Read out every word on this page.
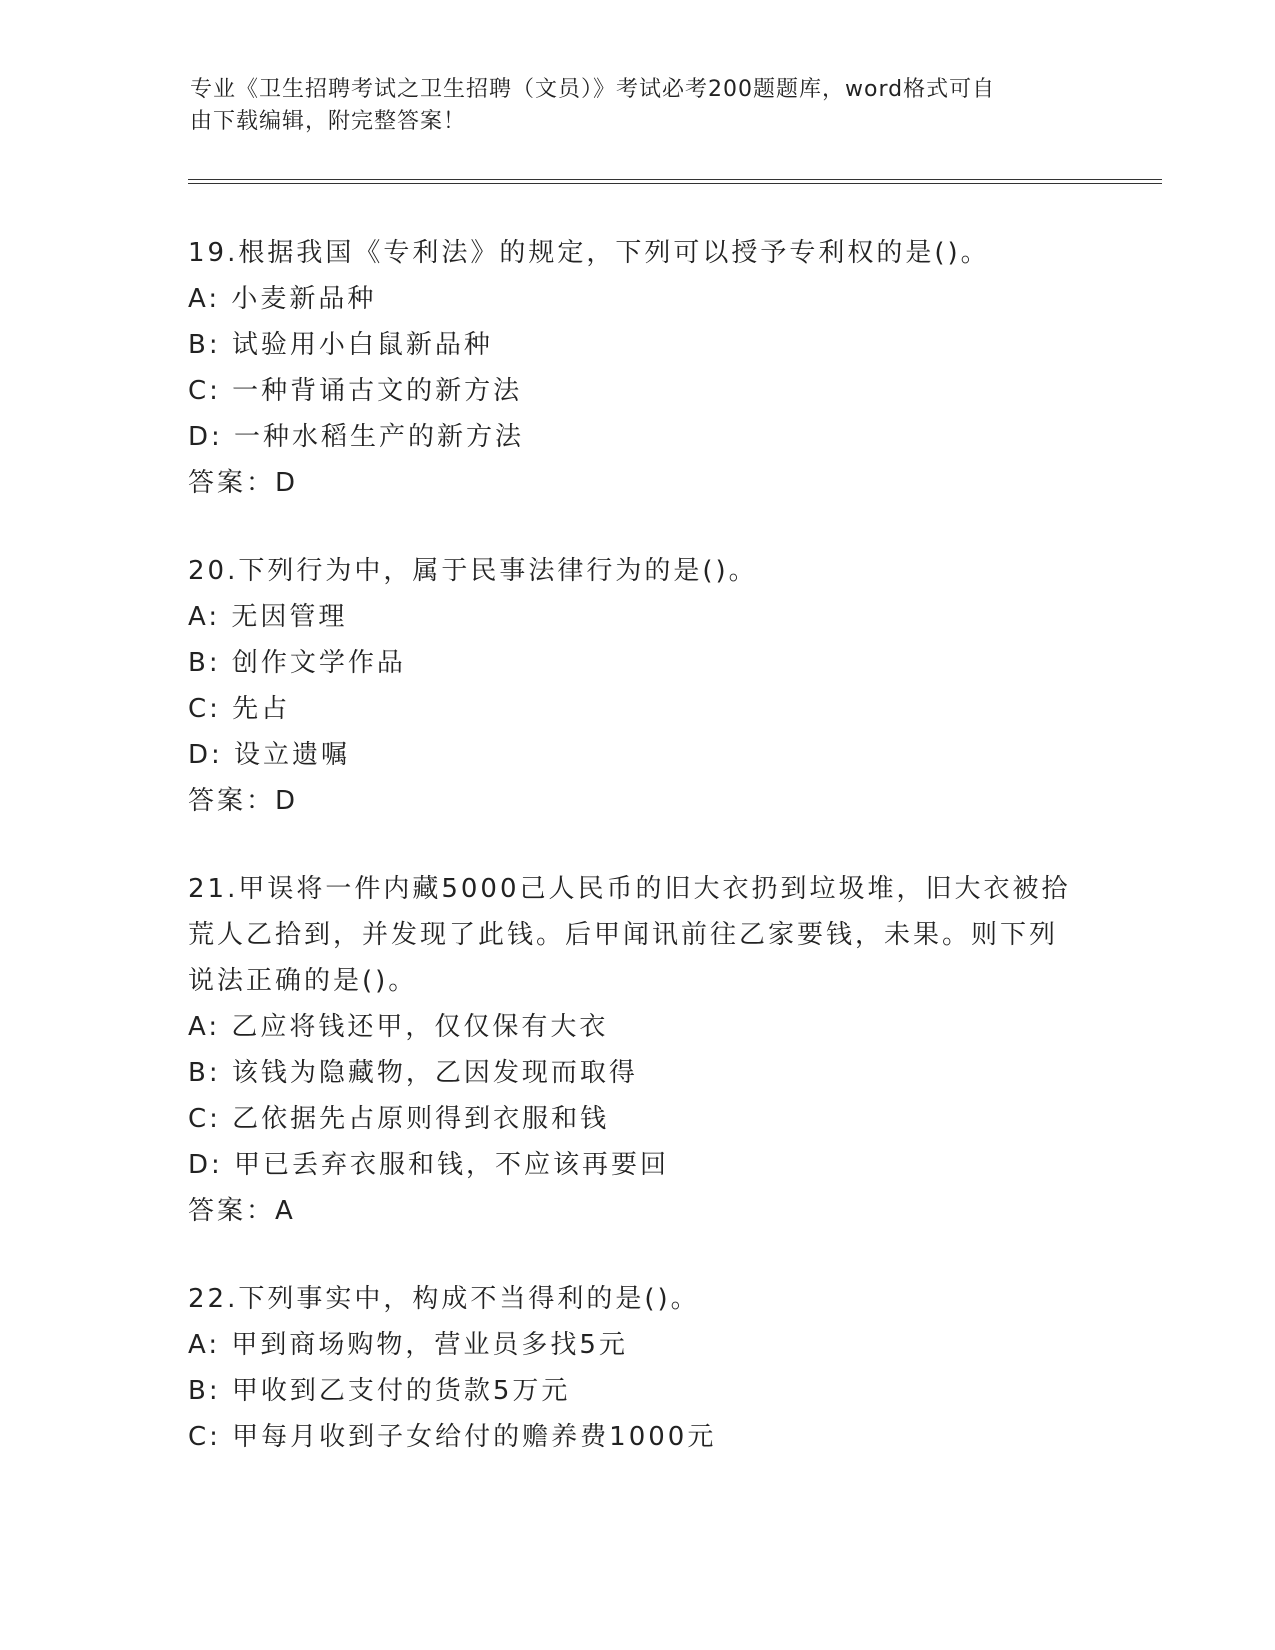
专业《卫生招聘考试之卫生招聘（文员）》考试必考200题题库，word格式可自
由下载编辑，附完整答案！
19.根据我国《专利法》的规定，下列可以授予专利权的是()。
A: 小麦新品种
B: 试验用小白鼠新品种
C: 一种背诵古文的新方法
D: 一种水稻生产的新方法
答案：D
20.下列行为中，属于民事法律行为的是()。
A: 无因管理
B: 创作文学作品
C: 先占
D: 设立遗嘱
答案：D
21.甲误将一件内藏5000己人民币的旧大衣扔到垃圾堆，旧大衣被拾
荒人乙拾到，并发现了此钱。后甲闻讯前往乙家要钱，未果。则下列
说法正确的是()。
A: 乙应将钱还甲，仅仅保有大衣
B: 该钱为隐藏物，乙因发现而取得
C: 乙依据先占原则得到衣服和钱
D: 甲已丢弃衣服和钱，不应该再要回
答案：A
22.下列事实中，构成不当得利的是()。
A: 甲到商场购物，营业员多找5元
B: 甲收到乙支付的货款5万元
C: 甲每月收到子女给付的赡养费1000元
